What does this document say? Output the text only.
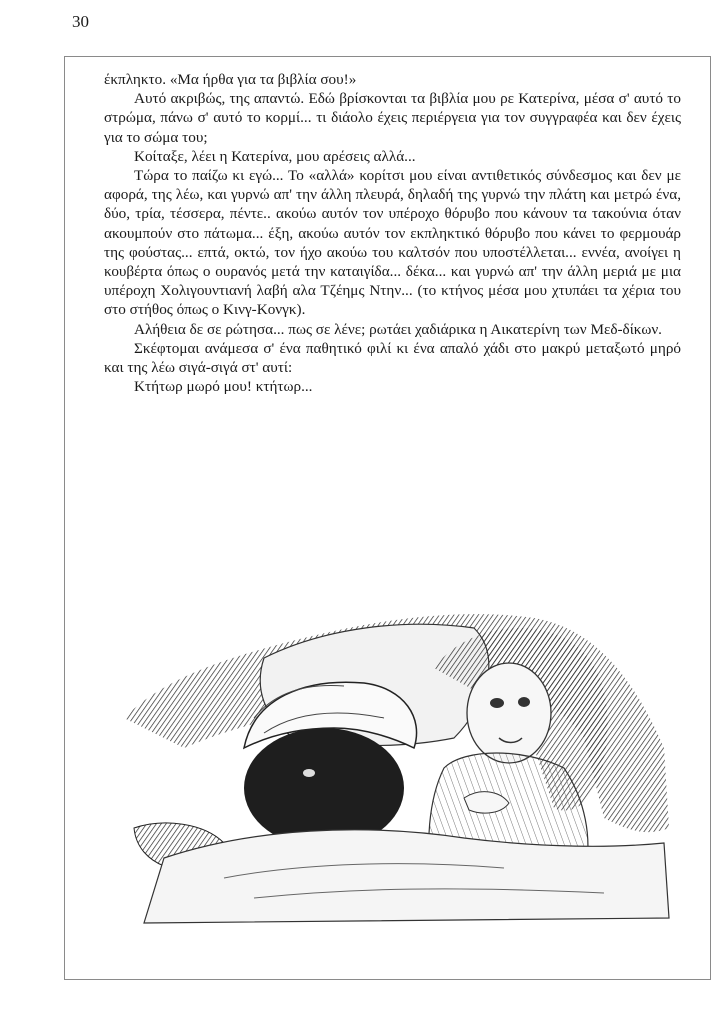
30

έκπληκτο. «Μα ήρθα για τα βιβλία σου!»

Αυτό ακριβώς, της απαντώ. Εδώ βρίσκονται τα βιβλία μου ρε Κατερίνα, μέσα σ' αυτό το στρώμα, πάνω σ' αυτό το κορμί... τι διάολο έχεις περιέργεια για τον συγγραφέα και δεν έχεις για το σώμα του;

Κοίταξε, λέει η Κατερίνα, μου αρέσεις αλλά...

Τώρα το παίζω κι εγώ... Το «αλλά» κορίτσι μου είναι αντιθετικός σύνδεσμος και δεν με αφορά, της λέω, και γυρνώ απ' την άλλη πλευρά, δηλαδή της γυρνώ την πλάτη και μετρώ ένα, δύο, τρία, τέσσερα, πέντε.. ακούω αυτόν τον υπέροχο θόρυβο που κάνουν τα τακούνια όταν ακουμπούν στο πάτωμα... έξη, ακούω αυτόν τον εκπληκτικό θόρυβο που κάνει το φερμουάρ της φούστας... επτά, οκτώ, τον ήχο ακούω του καλτσόν που υποστέλλεται... εννέα, ανοίγει η κουβέρτα όπως ο ουρανός μετά την καταιγίδα... δέκα... και γυρνώ απ' την άλλη μεριά με μια υπέροχη Χολιγουντιανή λαβή αλα Τζέημς Ντην... (το κτήνος μέσα μου χτυπάει τα χέρια του στο στήθος όπως ο Κινγ-Κονγκ).

Αλήθεια δε σε ρώτησα... πως σε λένε; ρωτάει χαδιάρικα η Αικατερίνη των Μεδ-δίκων.

Σκέφτομαι ανάμεσα σ' ένα παθητικό φιλί κι ένα απαλό χάδι στο μακρύ μεταξωτό μηρό και της λέω σιγά-σιγά στ' αυτί:

Κτήτωρ μωρό μου! κτήτωρ...
